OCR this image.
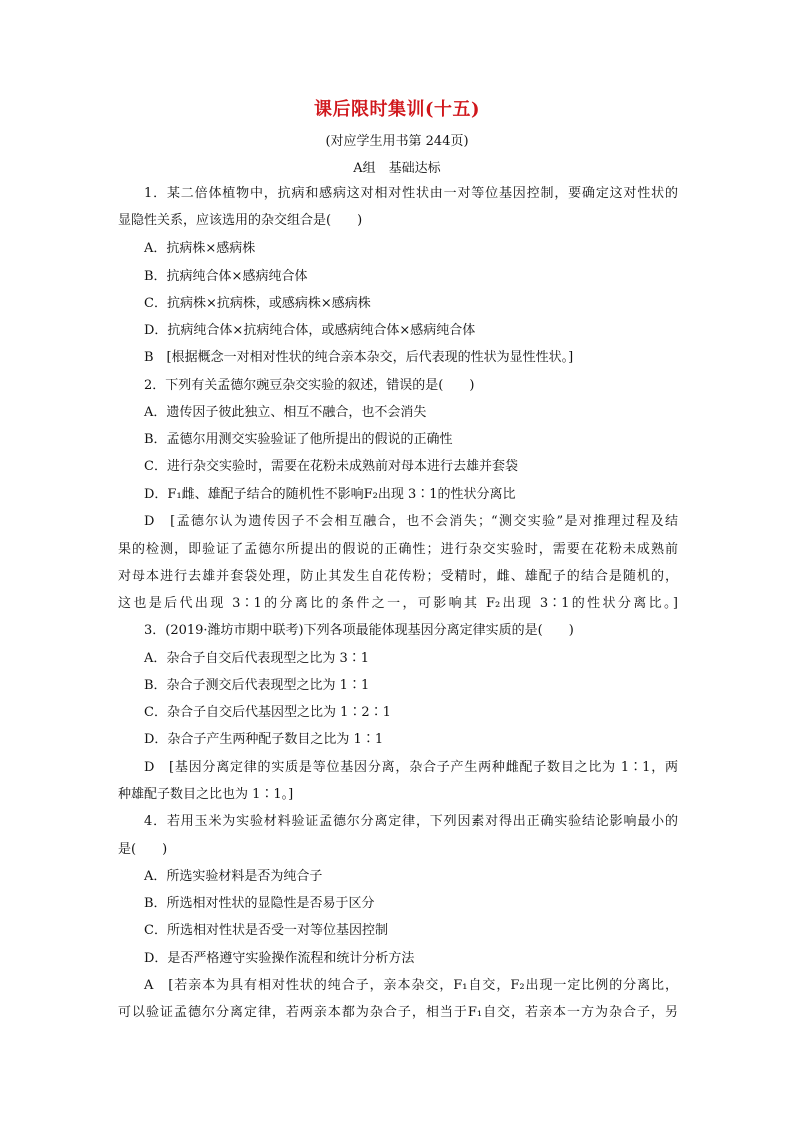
课后限时集训(十五)
(对应学生用书第 244页)
A组　基础达标
1．某二倍体植物中，抗病和感病这对相对性状由一对等位基因控制，要确定这对性状的
显隐性关系，应该选用的杂交组合是(　　)
A．抗病株×感病株
B．抗病纯合体×感病纯合体
C．抗病株×抗病株，或感病株×感病株
D．抗病纯合体×抗病纯合体，或感病纯合体×感病纯合体
B　[根据概念一对相对性状的纯合亲本杂交，后代表现的性状为显性性状。]
2．下列有关孟德尔豌豆杂交实验的叙述，错误的是(　　)
A．遗传因子彼此独立、相互不融合，也不会消失
B．孟德尔用测交实验验证了他所提出的假说的正确性
C．进行杂交实验时，需要在花粉未成熟前对母本进行去雄并套袋
D．F₁雌、雄配子结合的随机性不影响F₂出现 3∶1的性状分离比
D　[孟德尔认为遗传因子不会相互融合，也不会消失；“测交实验”是对推理过程及结
果的检测，即验证了孟德尔所提出的假说的正确性；进行杂交实验时，需要在花粉未成熟前
对母本进行去雄并套袋处理，防止其发生自花传粉；受精时，雌、雄配子的结合是随机的，
这也是后代出现 3∶1的分离比的条件之一，可影响其 F₂出现 3∶1的性状分离比。]
3．(2019·潍坊市期中联考)下列各项最能体现基因分离定律实质的是(　　)
A．杂合子自交后代表现型之比为 3∶1
B．杂合子测交后代表现型之比为 1∶1
C．杂合子自交后代基因型之比为 1∶2∶1
D．杂合子产生两种配子数目之比为 1∶1
D　[基因分离定律的实质是等位基因分离，杂合子产生两种雌配子数目之比为 1∶1，两
种雄配子数目之比也为 1∶1。]
4．若用玉米为实验材料验证孟德尔分离定律，下列因素对得出正确实验结论影响最小的
是(　　)
A．所选实验材料是否为纯合子
B．所选相对性状的显隐性是否易于区分
C．所选相对性状是否受一对等位基因控制
D．是否严格遵守实验操作流程和统计分析方法
A　[若亲本为具有相对性状的纯合子，亲本杂交，F₁自交，F₂出现一定比例的分离比，
可以验证孟德尔分离定律，若两亲本都为杂合子，相当于F₁自交，若亲本一方为杂合子，另
